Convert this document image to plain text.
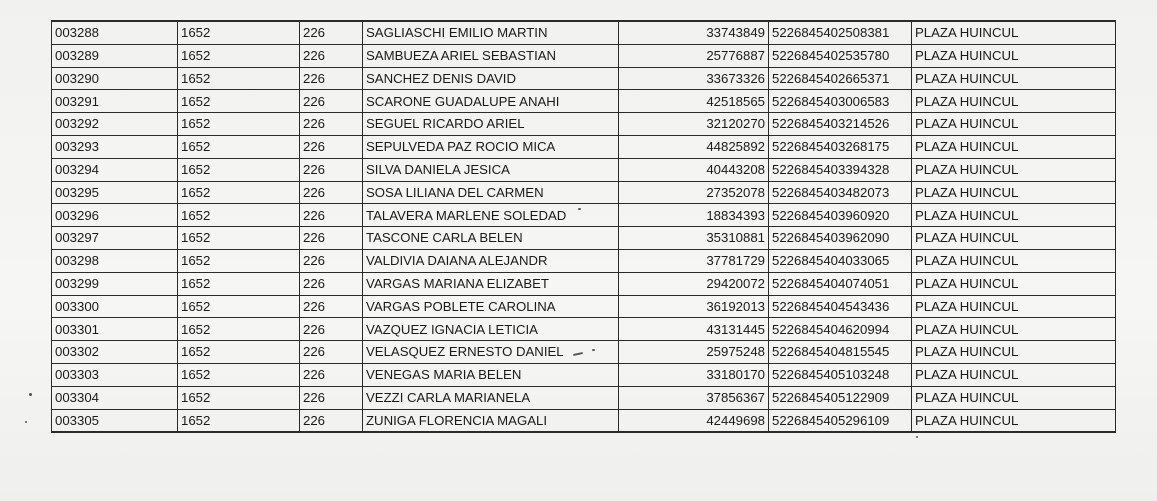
003288	1652	226	SAGLIASCHI EMILIO MARTIN	33743849	5226845402508381	PLAZA HUINCUL
003289	1652	226	SAMBUEZA ARIEL SEBASTIAN	25776887	5226845402535780	PLAZA HUINCUL
003290	1652	226	SANCHEZ DENIS DAVID	33673326	5226845402665371	PLAZA HUINCUL
003291	1652	226	SCARONE GUADALUPE ANAHI	42518565	5226845403006583	PLAZA HUINCUL
003292	1652	226	SEGUEL RICARDO ARIEL	32120270	5226845403214526	PLAZA HUINCUL
003293	1652	226	SEPULVEDA PAZ ROCIO MICA	44825892	5226845403268175	PLAZA HUINCUL
003294	1652	226	SILVA DANIELA JESICA	40443208	5226845403394328	PLAZA HUINCUL
003295	1652	226	SOSA LILIANA DEL CARMEN	27352078	5226845403482073	PLAZA HUINCUL
003296	1652	226	TALAVERA MARLENE SOLEDAD	18834393	5226845403960920	PLAZA HUINCUL
003297	1652	226	TASCONE CARLA BELEN	35310881	5226845403962090	PLAZA HUINCUL
003298	1652	226	VALDIVIA DAIANA ALEJANDR	37781729	5226845404033065	PLAZA HUINCUL
003299	1652	226	VARGAS MARIANA ELIZABET	29420072	5226845404074051	PLAZA HUINCUL
003300	1652	226	VARGAS POBLETE CAROLINA	36192013	5226845404543436	PLAZA HUINCUL
003301	1652	226	VAZQUEZ IGNACIA LETICIA	43131445	5226845404620994	PLAZA HUINCUL
003302	1652	226	VELASQUEZ ERNESTO DANIEL	25975248	5226845404815545	PLAZA HUINCUL
003303	1652	226	VENEGAS MARIA BELEN	33180170	5226845405103248	PLAZA HUINCUL
003304	1652	226	VEZZI CARLA MARIANELA	37856367	5226845405122909	PLAZA HUINCUL
003305	1652	226	ZUNIGA FLORENCIA MAGALI	42449698	5226845405296109	PLAZA HUINCUL
